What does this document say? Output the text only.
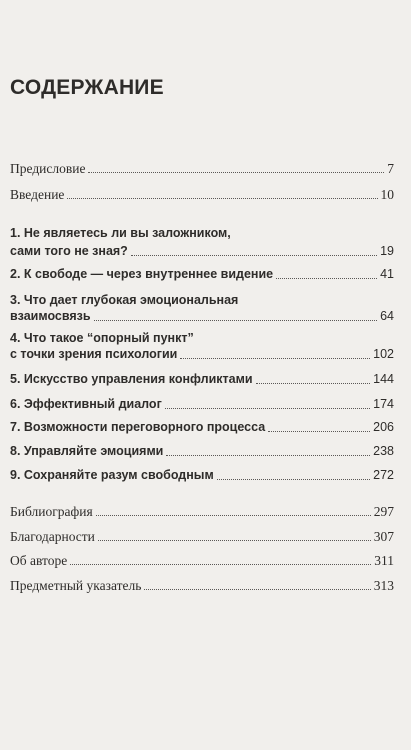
СОДЕРЖАНИЕ
Предисловие	7
Введение	10
1. Не являетесь ли вы заложником,
сами того не зная?	19
2. К свободе — через внутреннее видение	41
3. Что дает глубокая эмоциональная
взаимосвязь	64
4. Что такое “опорный пункт”
с точки зрения психологии	102
5. Искусство управления конфликтами	144
6. Эффективный диалог	174
7. Возможности переговорного процесса	206
8. Управляйте эмоциями	238
9. Сохраняйте разум свободным	272
Библиография	297
Благодарности	307
Об авторе	311
Предметный указатель	313
